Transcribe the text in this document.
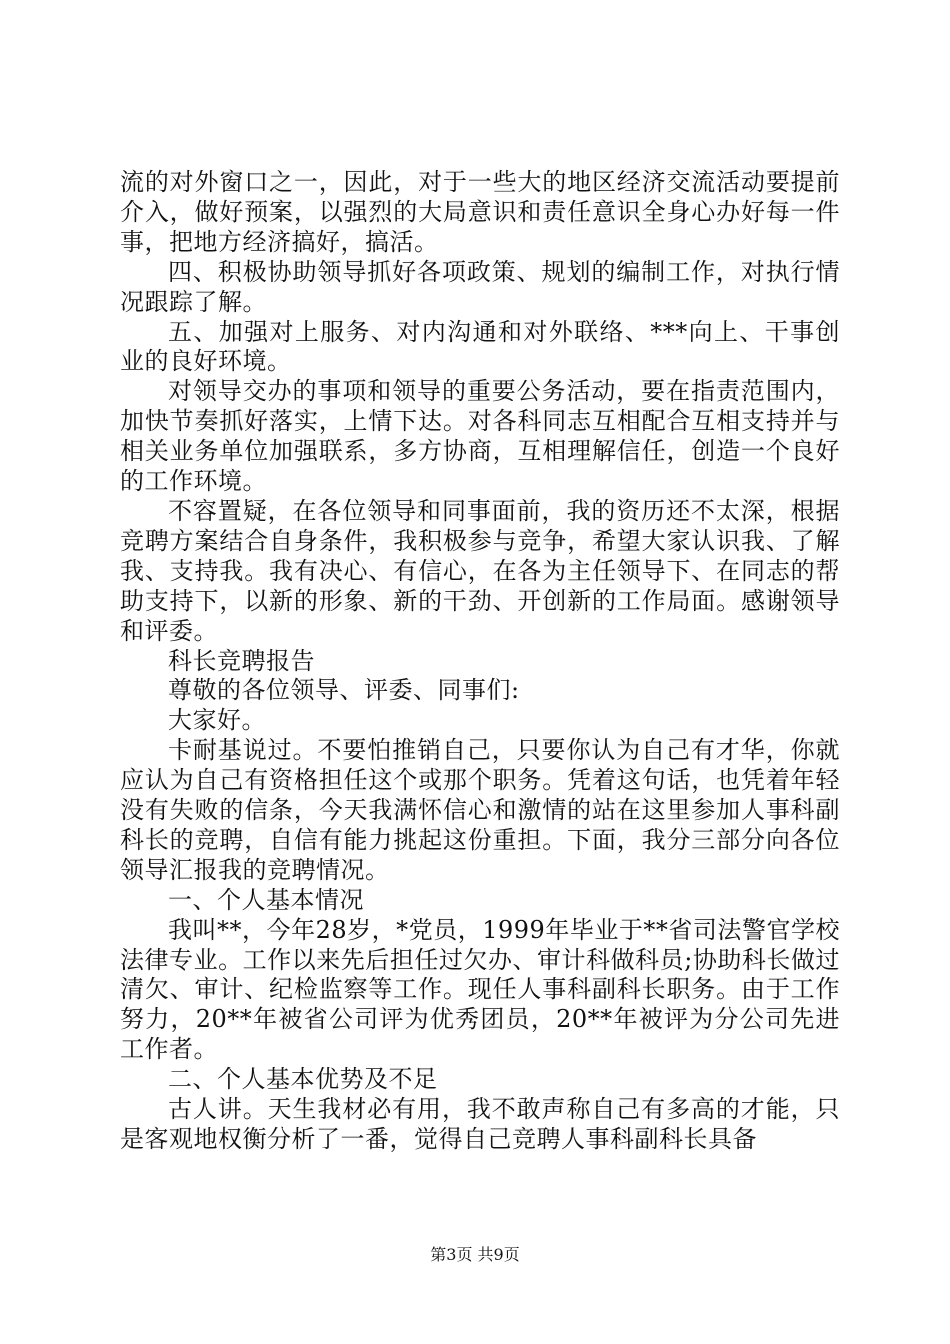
流的对外窗口之一，因此，对于一些大的地区经济交流活动要提前介入，做好预案，以强烈的大局意识和责任意识全身心办好每一件事，把地方经济搞好，搞活。

四、积极协助领导抓好各项政策、规划的编制工作，对执行情况跟踪了解。

五、加强对上服务、对内沟通和对外联络、***向上、干事创业的良好环境。

对领导交办的事项和领导的重要公务活动，要在指责范围内，加快节奏抓好落实，上情下达。对各科同志互相配合互相支持并与相关业务单位加强联系，多方协商，互相理解信任，创造一个良好的工作环境。

不容置疑，在各位领导和同事面前，我的资历还不太深，根据竞聘方案结合自身条件，我积极参与竞争，希望大家认识我、了解我、支持我。我有决心、有信心，在各为主任领导下、在同志的帮助支持下，以新的形象、新的干劲、开创新的工作局面。感谢领导和评委。

科长竞聘报告

尊敬的各位领导、评委、同事们:

大家好。

卡耐基说过。不要怕推销自己，只要你认为自己有才华，你就应认为自己有资格担任这个或那个职务。凭着这句话，也凭着年轻没有失败的信条，今天我满怀信心和激情的站在这里参加人事科副科长的竞聘，自信有能力挑起这份重担。下面，我分三部分向各位领导汇报我的竞聘情况。

一、个人基本情况

我叫**，今年28岁，*党员，1999年毕业于**省司法警官学校法律专业。工作以来先后担任过欠办、审计科做科员;协助科长做过清欠、审计、纪检监察等工作。现任人事科副科长职务。由于工作努力，20**年被省公司评为优秀团员，20**年被评为分公司先进工作者。

二、个人基本优势及不足

古人讲。天生我材必有用，我不敢声称自己有多高的才能，只是客观地权衡分析了一番，觉得自己竞聘人事科副科长具备

第3页 共9页
